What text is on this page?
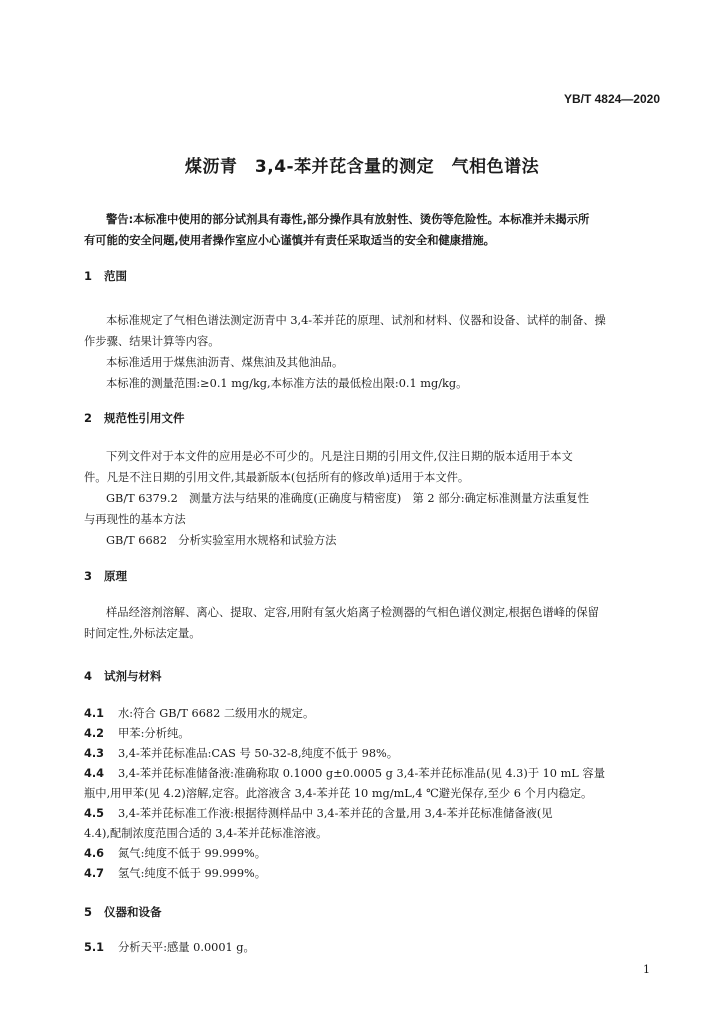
YB/T 4824—2020
煤沥青　3,4-苯并芘含量的测定　气相色谱法
警告:本标准中使用的部分试剂具有毒性,部分操作具有放射性、烫伤等危险性。本标准并未揭示所
有可能的安全问题,使用者操作室应小心谨慎并有责任采取适当的安全和健康措施。
1 范围
本标准规定了气相色谱法测定沥青中 3,4-苯并芘的原理、试剂和材料、仪器和设备、试样的制备、操
作步骤、结果计算等内容。
本标准适用于煤焦油沥青、煤焦油及其他油品。
本标准的测量范围:≥0.1 mg/kg,本标准方法的最低检出限:0.1 mg/kg。
2 规范性引用文件
下列文件对于本文件的应用是必不可少的。凡是注日期的引用文件,仅注日期的版本适用于本文
件。凡是不注日期的引用文件,其最新版本(包括所有的修改单)适用于本文件。
GB/T 6379.2　测量方法与结果的准确度(正确度与精密度)　第 2 部分:确定标准测量方法重复性
与再现性的基本方法
GB/T 6682　分析实验室用水规格和试验方法
3 原理
样品经溶剂溶解、离心、提取、定容,用附有氢火焰离子检测器的气相色谱仪测定,根据色谱峰的保留
时间定性,外标法定量。
4 试剂与材料
4.1 水:符合 GB/T 6682 二级用水的规定。
4.2 甲苯:分析纯。
4.3 3,4-苯并芘标准品:CAS 号 50-32-8,纯度不低于 98%。
4.4 3,4-苯并芘标准储备液:准确称取 0.1000 g±0.0005 g 3,4-苯并芘标准品(见 4.3)于 10 mL 容量
瓶中,用甲苯(见 4.2)溶解,定容。此溶液含 3,4-苯并芘 10 mg/mL,4 ℃避光保存,至少 6 个月内稳定。
4.5 3,4-苯并芘标准工作液:根据待测样品中 3,4-苯并芘的含量,用 3,4-苯并芘标准储备液(见
4.4),配制浓度范围合适的 3,4-苯并芘标准溶液。
4.6 氮气:纯度不低于 99.999%。
4.7 氢气:纯度不低于 99.999%。
5 仪器和设备
5.1 分析天平:感量 0.0001 g。
1
